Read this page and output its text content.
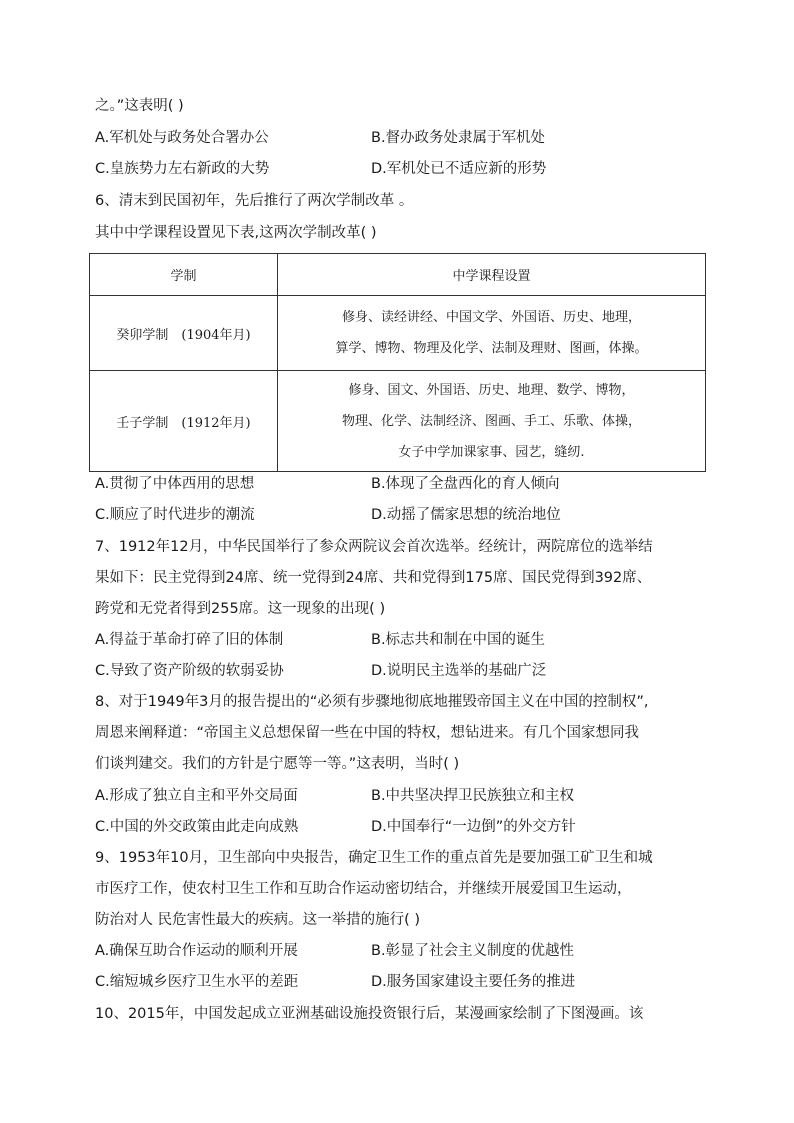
之。”这表明( )
A.军机处与政务处合署办公	B.督办政务处隶属于军机处
C.皇族势力左右新政的大势	D.军机处已不适应新的形势
6、清末到民国初年，先后推行了两次学制改革 。
其中中学课程设置见下表,这两次学制改革( )
学制	中学课程设置
癸卯学制　(1904年月)	修身、读经讲经、中国文学、外国语、历史、地理，
算学、博物、物理及化学、法制及理财、图画，体操。

壬子学制　(1912年月)	修身、国文、外国语、历史、地理、数学、博物，
物理、化学、法制经济、图画、手工、乐歌、体操，
女子中学加课家事、园艺，缝纫.
A.贯彻了中体西用的思想	B.体现了全盘西化的育人倾向
C.顺应了时代进步的潮流	D.动摇了儒家思想的统治地位
7、1912年12月，中华民国举行了参众两院议会首次选举。经统计，两院席位的选举结
果如下：民主党得到24席、统一党得到24席、共和党得到175席、国民党得到392席、
跨党和无党者得到255席。这一现象的出现( )
A.得益于革命打碎了旧的体制	B.标志共和制在中国的诞生
C.导致了资产阶级的软弱妥协	D.说明民主选举的基础广泛
8、对于1949年3月的报告提出的“必须有步骤地彻底地摧毁帝国主义在中国的控制权”,
周恩来阐释道：“帝国主义总想保留一些在中国的特权，想钻进来。有几个国家想同我
们谈判建交。我们的方针是宁愿等一等。”这表明，当时( )
A.形成了独立自主和平外交局面	B.中共坚决捍卫民族独立和主权
C.中国的外交政策由此走向成熟	D.中国奉行“一边倒”的外交方针
9、1953年10月，卫生部向中央报告，确定卫生工作的重点首先是要加强工矿卫生和城
市医疗工作，使农村卫生工作和互助合作运动密切结合，并继续开展爱国卫生运动，
防治对人 民危害性最大的疾病。这一举措的施行( )
A.确保互助合作运动的顺利开展	B.彰显了社会主义制度的优越性
C.缩短城乡医疗卫生水平的差距	D.服务国家建设主要任务的推进
10、2015年，中国发起成立亚洲基础设施投资银行后，某漫画家绘制了下图漫画。该
